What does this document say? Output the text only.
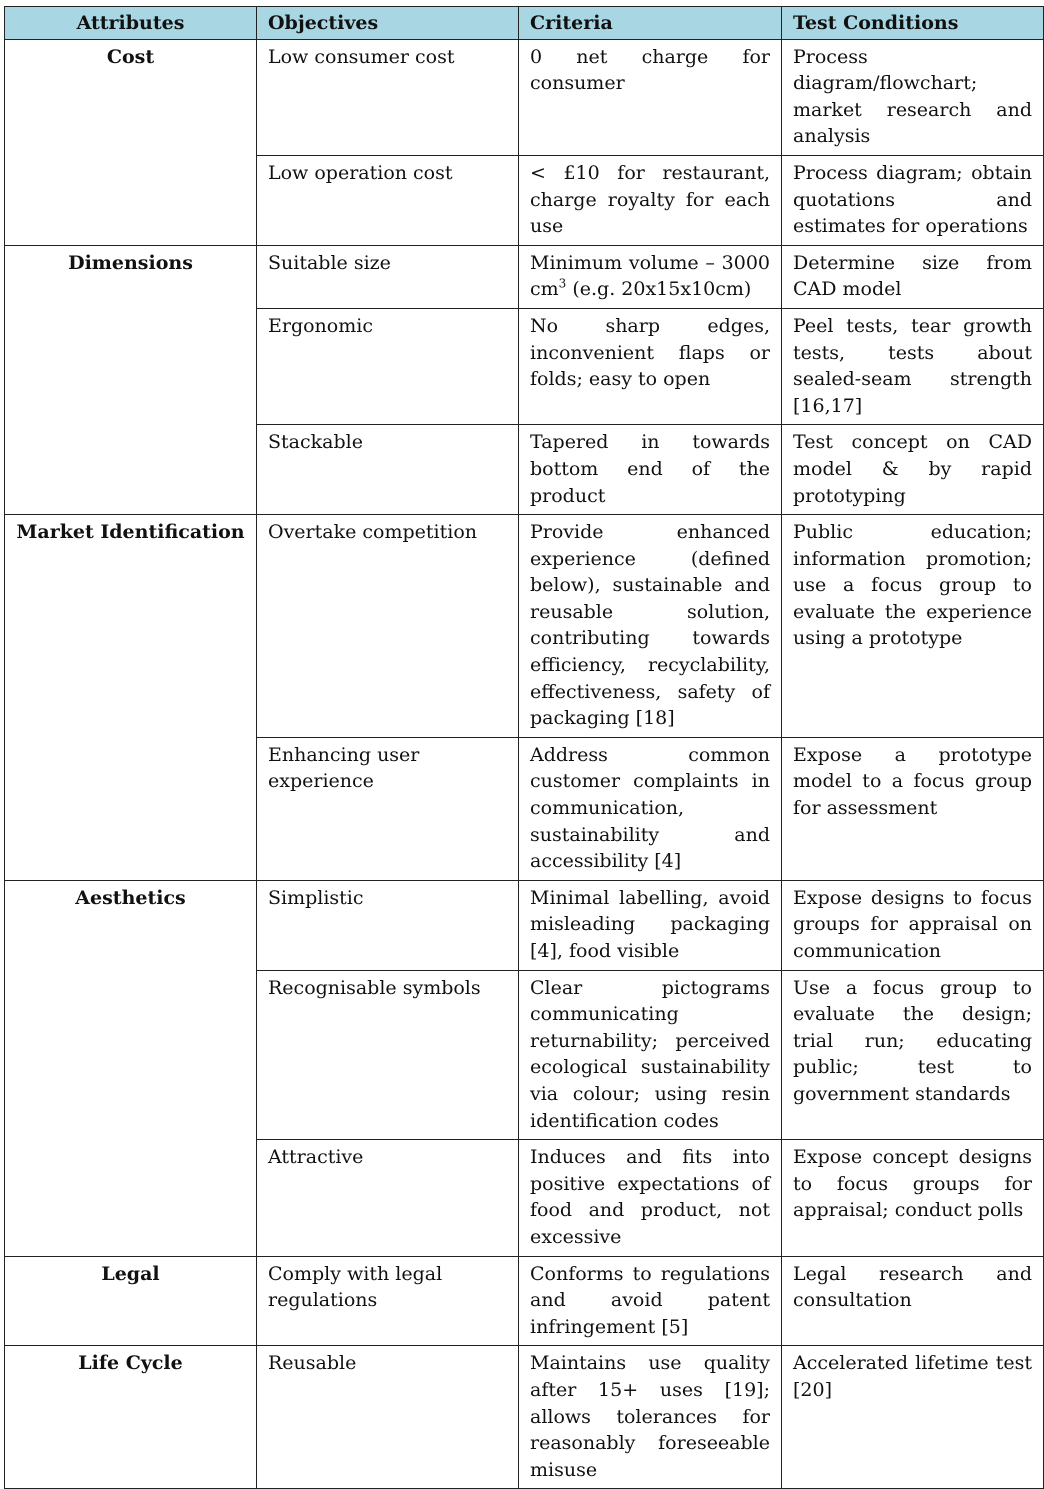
Attributes	Objectives	Criteria	Test Conditions
Cost	Low consumer cost	0 net charge for consumer	Process diagram/flowchart; market research and analysis
	Low operation cost	< £10 for restaurant, charge royalty for each use	Process diagram; obtain quotations and estimates for operations
Dimensions	Suitable size	Minimum volume – 3000 $cm^3$ (e.g. 20x15x10cm)	Determine size from CAD model
	Ergonomic	No sharp edges, inconvenient flaps or folds; easy to open	Peel tests, tear growth tests, tests about sealed-seam strength [16,17]
	Stackable	Tapered in towards bottom end of the product	Test concept on CAD model & by rapid prototyping
Market Identification	Overtake competition	Provide enhanced experience (defined below), sustainable and reusable solution, contributing towards efficiency, recyclability, effectiveness, safety of packaging [18]	Public education; information promotion; use a focus group to evaluate the experience using a prototype
	Enhancing user experience	Address common customer complaints in communication, sustainability and accessibility [4]	Expose a prototype model to a focus group for assessment
Aesthetics	Simplistic	Minimal labelling, avoid misleading packaging [4], food visible	Expose designs to focus groups for appraisal on communication
	Recognisable symbols	Clear pictograms communicating returnability; perceived ecological sustainability via colour; using resin identification codes	Use a focus group to evaluate the design; trial run; educating public; test to government standards
	Attractive	Induces and fits into positive expectations of food and product, not excessive	Expose concept designs to focus groups for appraisal; conduct polls
Legal	Comply with legal regulations	Conforms to regulations and avoid patent infringement [5]	Legal research and consultation
Life Cycle	Reusable	Maintains use quality after 15+ uses [19]; allows tolerances for reasonably foreseeable misuse	Accelerated lifetime test [20]
